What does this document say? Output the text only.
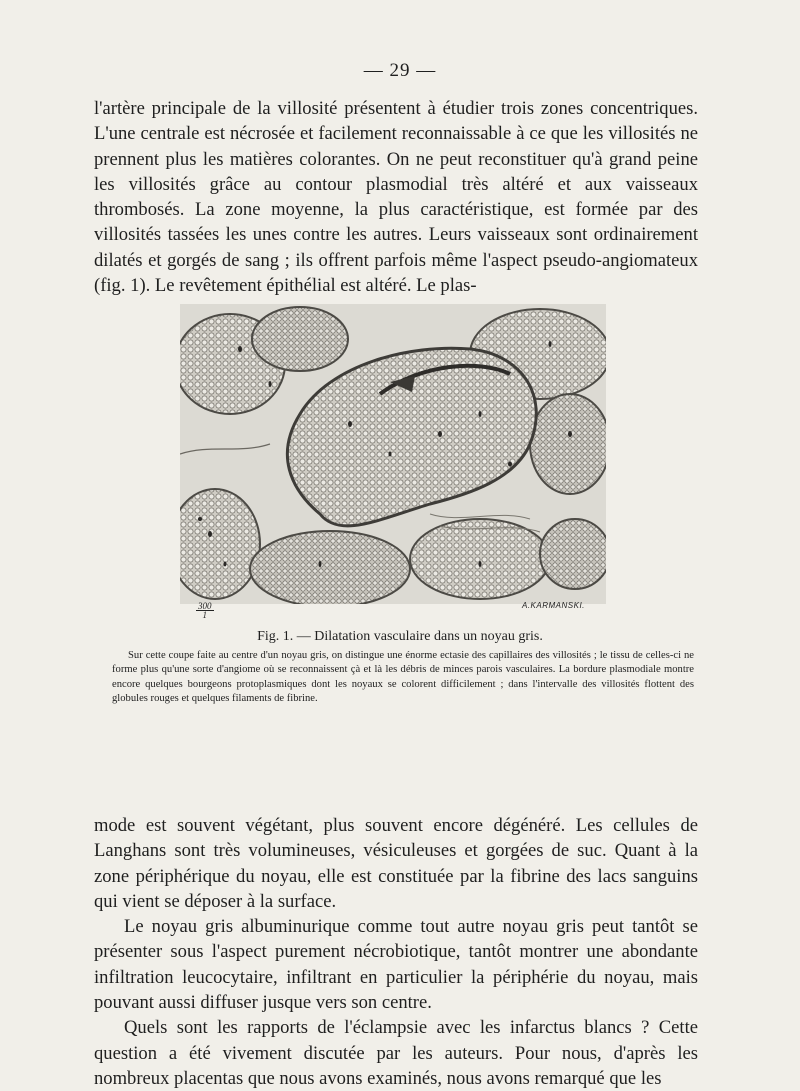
— 29 —

l'artère principale de la villosité présentent à étudier trois zones concentriques. L'une centrale est nécrosée et facilement reconnaissable à ce que les villosités ne prennent plus les matières colorantes. On ne peut reconstituer qu'à grand peine les villosités grâce au contour plasmodial très altéré et aux vaisseaux thrombosés. La zone moyenne, la plus caractéristique, est formée par des villosités tassées les unes contre les autres. Leurs vaisseaux sont ordinairement dilatés et gorgés de sang ; ils offrent parfois même l'aspect pseudo-angiomateux (fig. 1). Le revêtement épithélial est altéré. Le plas-

$\frac{300}{1}$	A.KARMANSKI.
Fig. 1. — Dilatation vasculaire dans un noyau gris.

Sur cette coupe faite au centre d'un noyau gris, on distingue une énorme ectasie des capillaires des villosités ; le tissu de celles-ci ne forme plus qu'une sorte d'angiome où se reconnaissent çà et là les débris de minces parois vasculaires. La bordure plasmodiale montre encore quelques bourgeons protoplasmiques dont les noyaux se colorent difficilement ; dans l'intervalle des villosités flottent des globules rouges et quelques filaments de fibrine.

mode est souvent végétant, plus souvent encore dégénéré. Les cellules de Langhans sont très volumineuses, vésiculeuses et gorgées de suc. Quant à la zone périphérique du noyau, elle est constituée par la fibrine des lacs sanguins qui vient se déposer à la surface.

Le noyau gris albuminurique comme tout autre noyau gris peut tantôt se présenter sous l'aspect purement nécrobiotique, tantôt montrer une abondante infiltration leucocytaire, infiltrant en particulier la périphérie du noyau, mais pouvant aussi diffuser jusque vers son centre.

Quels sont les rapports de l'éclampsie avec les infarctus blancs ? Cette question a été vivement discutée par les auteurs. Pour nous, d'après les nombreux placentas que nous avons examinés, nous avons remarqué que les
